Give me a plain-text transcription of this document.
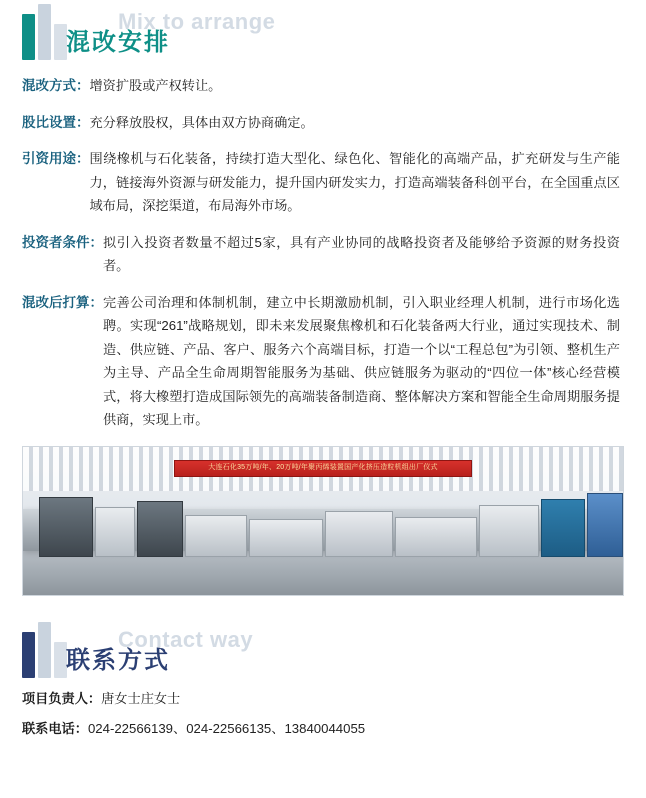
Mix to arrange
混改安排
混改方式： 增资扩股或产权转让。
股比设置： 充分释放股权，具体由双方协商确定。
引资用途： 围绕橡机与石化装备，持续打造大型化、绿色化、智能化的高端产品，扩充研发与生产能力，链接海外资源与研发能力，提升国内研发实力，打造高端装备科创平台，在全国重点区域布局，深挖渠道，布局海外市场。
投资者条件： 拟引入投资者数量不超过5家，具有产业协同的战略投资者及能够给予资源的财务投资者。
混改后打算： 完善公司治理和体制机制，建立中长期激励机制，引入职业经理人机制，进行市场化选聘。实现“261”战略规划，即未来发展聚焦橡机和石化装备两大行业，通过实现技术、制造、供应链、产品、客户、服务六个高端目标，打造一个以“工程总包”为引领、整机生产为主导、产品全生命周期智能服务为基础、供应链服务为驱动的“四位一体”核心经营模式，将大橡塑打造成国际领先的高端装备制造商、整体解决方案和智能全生命周期服务提供商，实现上市。
大连石化35万吨/年、20万吨/年聚丙烯装置国产化挤压造粒机组出厂仪式
Contact way
联系方式
项目负责人： 唐女士 庄女士
联系电话： 024-22566139、024-22566135、13840044055
